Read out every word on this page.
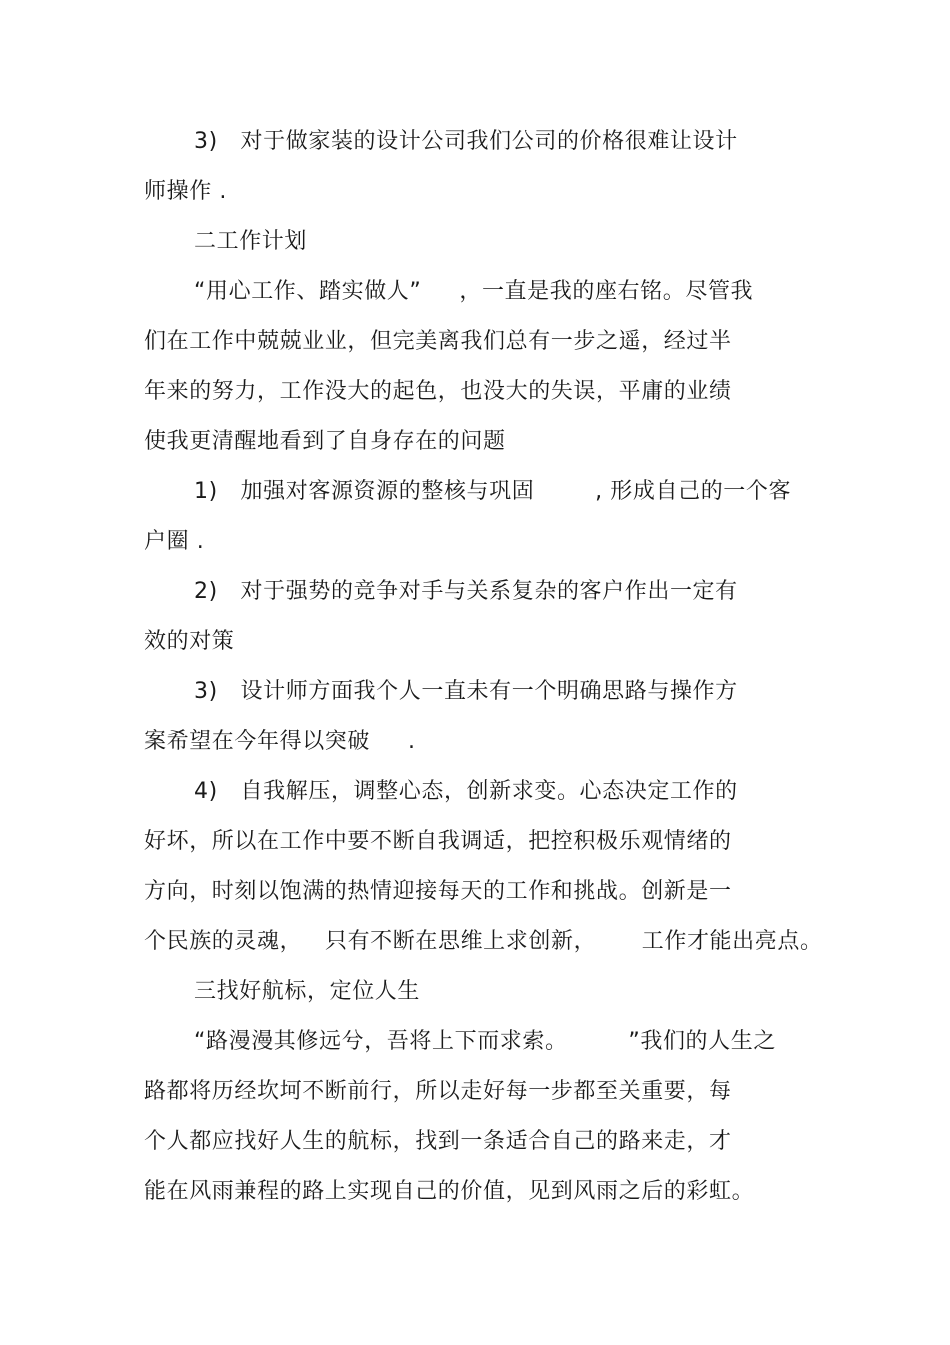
3)   对于做家装的设计公司我们公司的价格很难让设计
师操作 .
二工作计划
“用心工作、踏实做人”     ，一直是我的座右铭。尽管我
们在工作中兢兢业业，但完美离我们总有一步之遥，经过半
年来的努力，工作没大的起色，也没大的失误，平庸的业绩
使我更清醒地看到了自身存在的问题
1)   加强对客源资源的整核与巩固        , 形成自己的一个客
户圈 .
2)   对于强势的竞争对手与关系复杂的客户作出一定有
效的对策
3)   设计师方面我个人一直未有一个明确思路与操作方
案希望在今年得以突破     .
4)   自我解压，调整心态，创新求变。心态决定工作的
好坏，所以在工作中要不断自我调适，把控积极乐观情绪的
方向，时刻以饱满的热情迎接每天的工作和挑战。创新是一
个民族的灵魂，   只有不断在思维上求创新，      工作才能出亮点。
三找好航标，定位人生
“路漫漫其修远兮，吾将上下而求索。        ”我们的人生之
路都将历经坎坷不断前行，所以走好每一步都至关重要，每
个人都应找好人生的航标，找到一条适合自己的路来走，才
能在风雨兼程的路上实现自己的价值，见到风雨之后的彩虹。
